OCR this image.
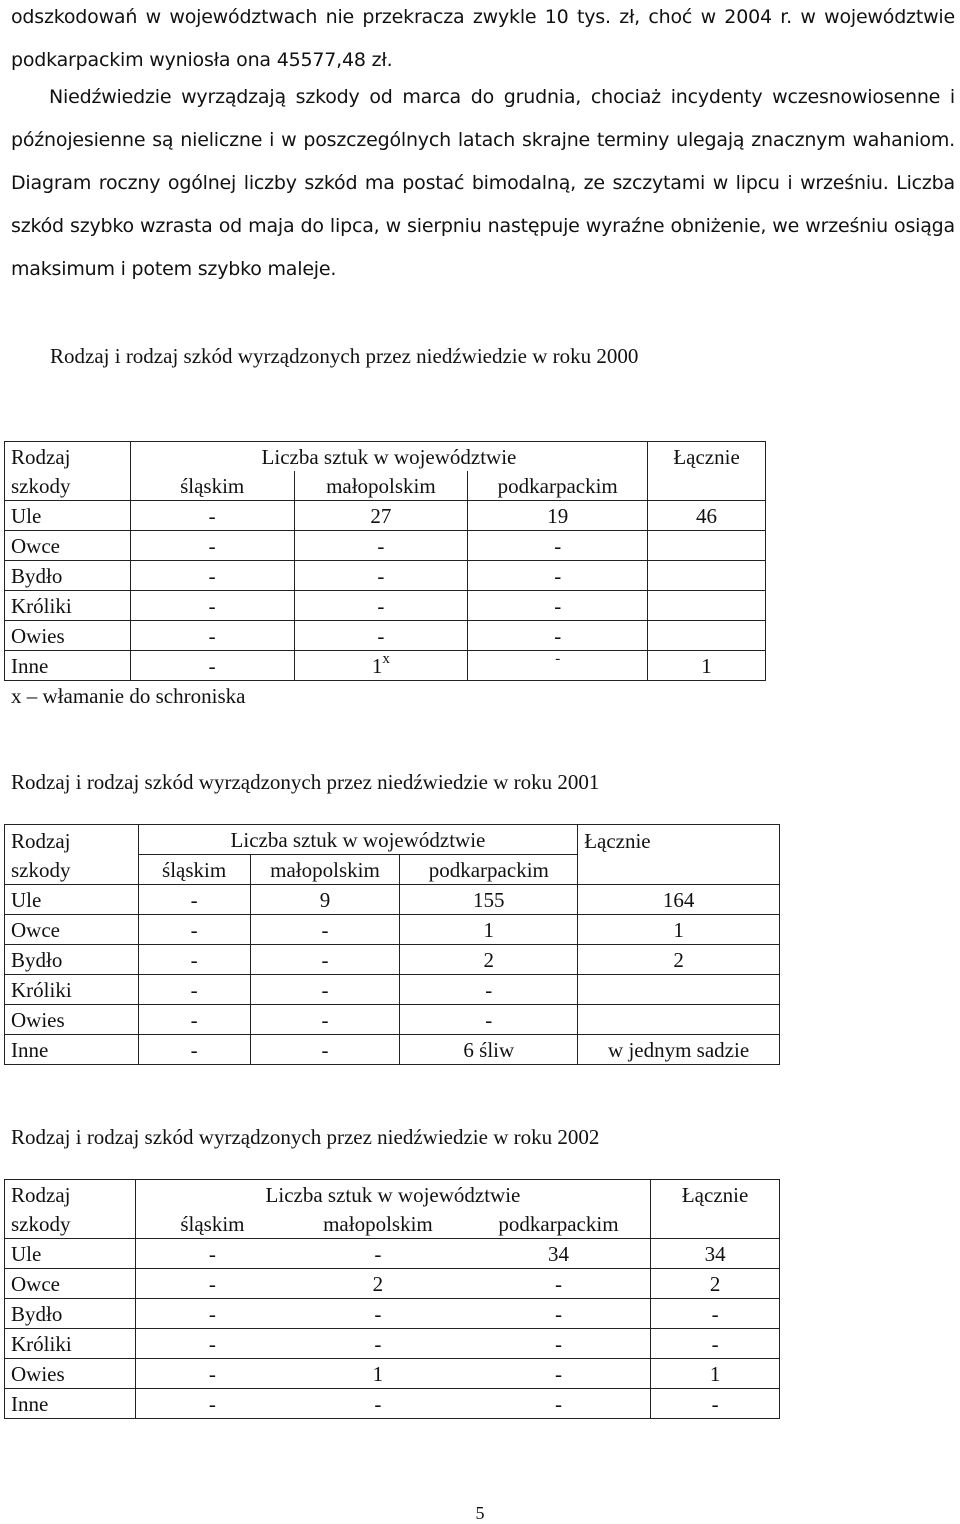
odszkodowań w województwach nie przekracza zwykle 10 tys. zł, choć w 2004 r. w województwie podkarpackim wyniosła ona 45577,48 zł.

Niedźwiedzie wyrządzają szkody od marca do grudnia, chociaż incydenty wczesnowiosenne i późnojesienne są nieliczne i w poszczególnych latach skrajne terminy ulegają znacznym wahaniom. Diagram roczny ogólnej liczby szkód ma postać bimodalną, ze szczytami w lipcu i wrześniu. Liczba szkód szybko wzrasta od maja do lipca, w sierpniu następuje wyraźne obniżenie, we wrześniu osiąga maksimum i potem szybko maleje.

Rodzaj i rodzaj szkód wyrządzonych przez niedźwiedzie w roku 2000

Rodzaj	Liczba sztuk w województwie			Łącznie
szkody	śląskim	małopolskim	podkarpackim	
Ule	-	27	19	46
Owce	-	-	-	
Bydło	-	-	-	
Króliki	-	-	-	
Owies	-	-	-	
Inne	-	1$^x$	-	1

x – włamanie do schroniska

Rodzaj i rodzaj szkód wyrządzonych przez niedźwiedzie w roku 2001

Rodzaj	Liczba sztuk w województwie			Łącznie
szkody	śląskim	małopolskim	podkarpackim	
Ule	-	9	155	164
Owce	-	-	1	1
Bydło	-	-	2	2
Króliki	-	-	-	
Owies	-	-	-	
Inne	-	-	6 śliw	w jednym sadzie

Rodzaj i rodzaj szkód wyrządzonych przez niedźwiedzie w roku 2002

Rodzaj	Liczba sztuk w województwie			Łącznie
szkody	śląskim	małopolskim	podkarpackim	
Ule	-	-	34	34
Owce	-	2	-	2
Bydło	-	-	-	-
Króliki	-	-	-	-
Owies	-	1	-	1
Inne	-	-	-	-
5
